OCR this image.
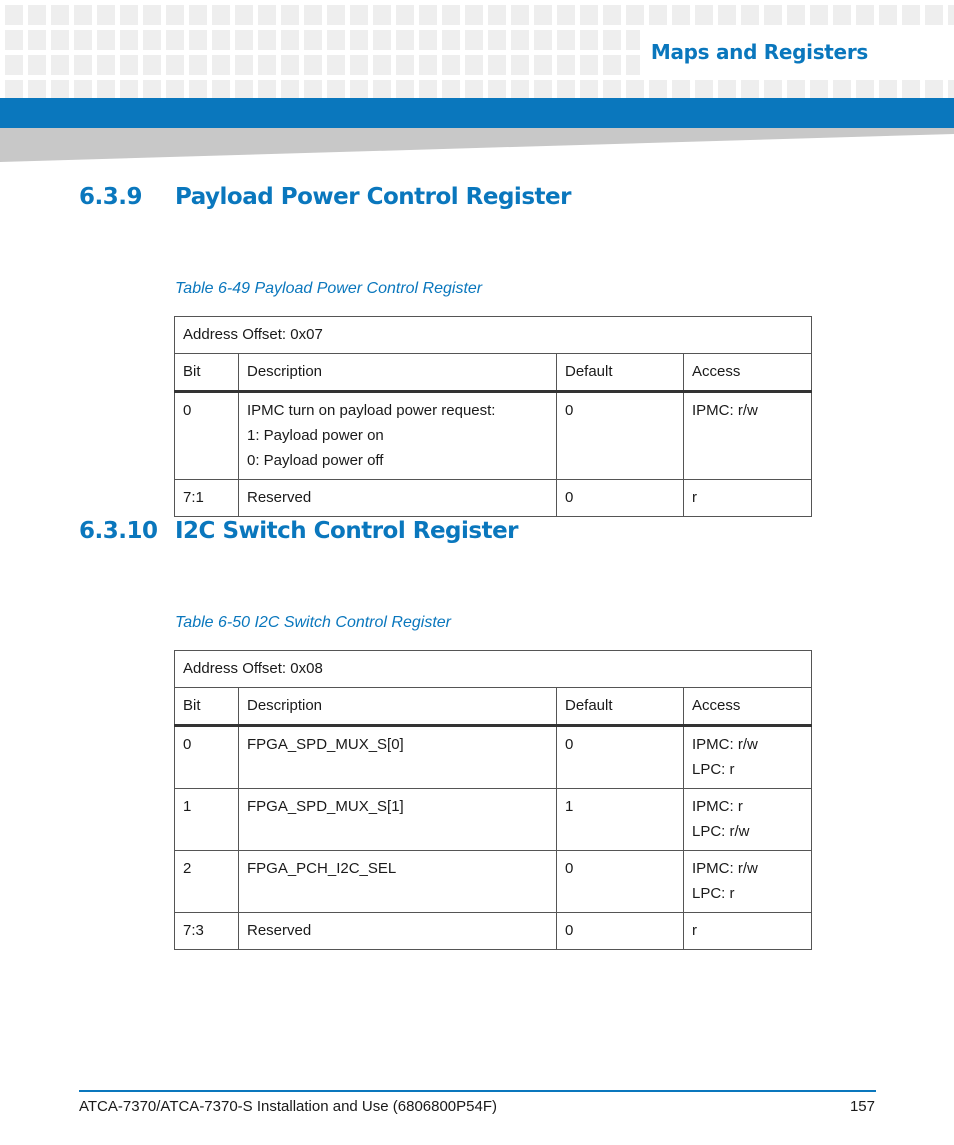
Maps and Registers
6.3.9 Payload Power Control Register
Table 6-49 Payload Power Control Register
Address Offset: 0x07			
Bit	Description	Default	Access
0	IPMC turn on payload power request:
1: Payload power on
0: Payload power off	0	IPMC: r/w

7:1	Reserved	0	r
6.3.10 I2C Switch Control Register
Table 6-50 I2C Switch Control Register
Address Offset: 0x08			
Bit	Description	Default	Access
0	FPGA_SPD_MUX_S[0]	0	IPMC: r/w
LPC: r

1	FPGA_SPD_MUX_S[1]	1	IPMC: r
LPC: r/w

2	FPGA_PCH_I2C_SEL	0	IPMC: r/w
LPC: r

7:3	Reserved	0	r
ATCA-7370/ATCA-7370-S Installation and Use (6806800P54F)	157
